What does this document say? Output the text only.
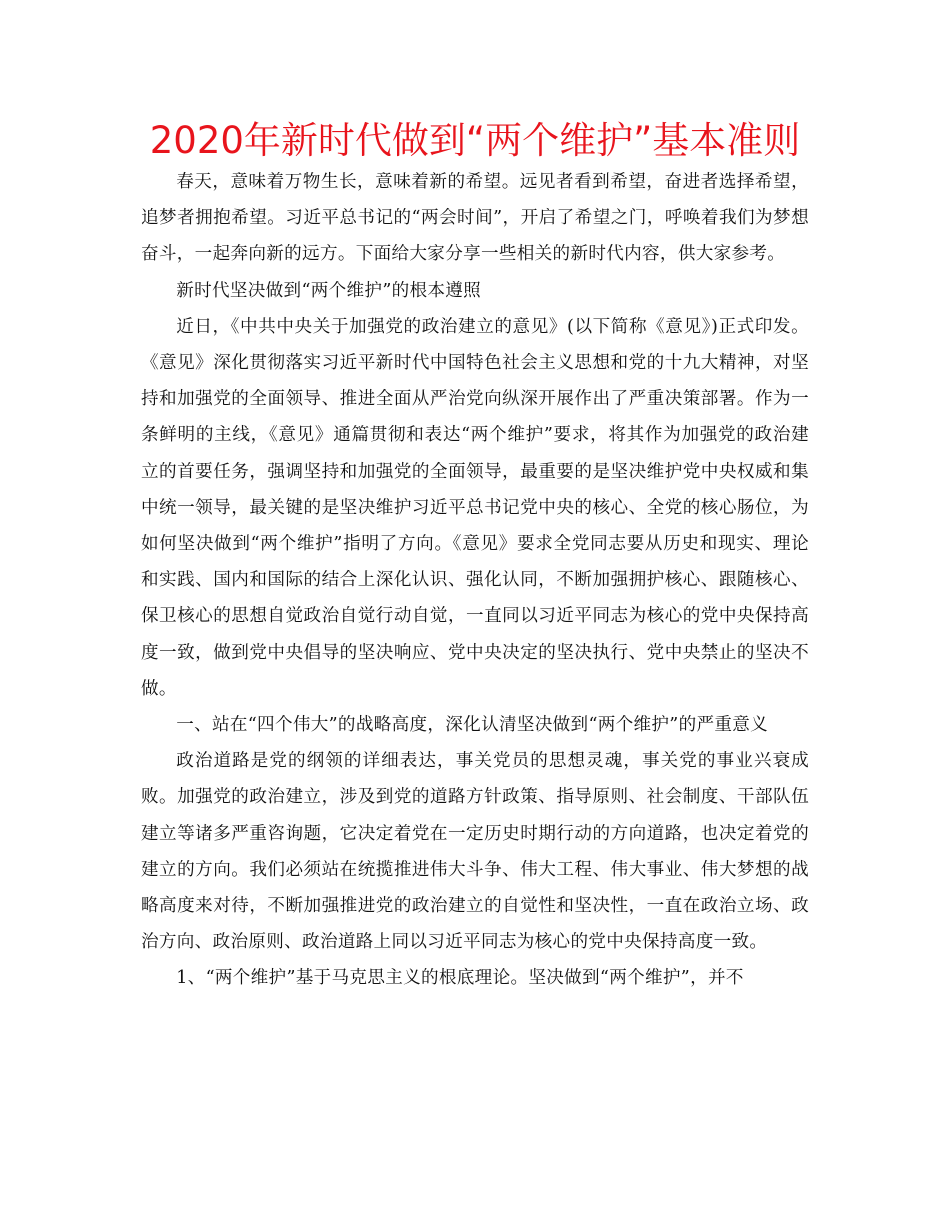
2020年新时代做到“两个维护”基本准则

春天，意味着万物生长，意味着新的希望。远见者看到希望，奋进者选择希望，追梦者拥抱希望。习近平总书记的“两会时间”，开启了希望之门，呼唤着我们为梦想奋斗，一起奔向新的远方。下面给大家分享一些相关的新时代内容，供大家参考。

新时代坚决做到“两个维护”的根本遵照

近日，《中共中央关于加强党的政治建立的意见》(以下简称《意见》)正式印发。《意见》深化贯彻落实习近平新时代中国特色社会主义思想和党的十九大精神，对坚持和加强党的全面领导、推进全面从严治党向纵深开展作出了严重决策部署。作为一条鲜明的主线，《意见》通篇贯彻和表达“两个维护”要求，将其作为加强党的政治建立的首要任务，强调坚持和加强党的全面领导，最重要的是坚决维护党中央权威和集中统一领导，最关键的是坚决维护习近平总书记党中央的核心、全党的核心肠位，为如何坚决做到“两个维护”指明了方向。《意见》要求全党同志要从历史和现实、理论和实践、国内和国际的结合上深化认识、强化认同，不断加强拥护核心、跟随核心、保卫核心的思想自觉政治自觉行动自觉，一直同以习近平同志为核心的党中央保持高度一致，做到党中央倡导的坚决响应、党中央决定的坚决执行、党中央禁止的坚决不做。

一、站在“四个伟大”的战略高度，深化认清坚决做到“两个维护”的严重意义

政治道路是党的纲领的详细表达，事关党员的思想灵魂，事关党的事业兴衰成败。加强党的政治建立，涉及到党的道路方针政策、指导原则、社会制度、干部队伍建立等诸多严重咨询题，它决定着党在一定历史时期行动的方向道路，也决定着党的建立的方向。我们必须站在统揽推进伟大斗争、伟大工程、伟大事业、伟大梦想的战略高度来对待，不断加强推进党的政治建立的自觉性和坚决性，一直在政治立场、政治方向、政治原则、政治道路上同以习近平同志为核心的党中央保持高度一致。

1、“两个维护”基于马克思主义的根底理论。坚决做到“两个维护”，并不
